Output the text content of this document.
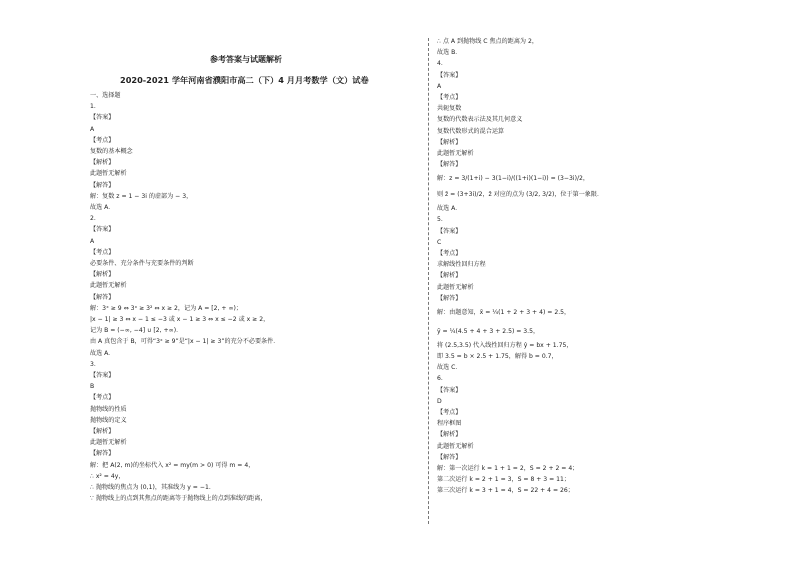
参考答案与试题解析
2020-2021 学年河南省濮阳市高二（下）4 月月考数学（文）试卷
一、选择题
1.
【答案】
A
【考点】
复数的基本概念
【解析】
此题暂无解析
【解答】
解：复数 z = 1 − 3i 的虚部为 − 3，
故选 A．
2.
【答案】
A
【考点】
必要条件、充分条件与充要条件的判断
【解析】
此题暂无解析
【解答】
解：3ˣ ≥ 9 ⇔ 3ˣ ≥ 3² ⇔ x ≥ 2，记为 A = [2, + ∞)；
|x − 1| ≥ 3 ⇔ x − 1 ≤ −3 或 x − 1 ≥ 3 ⇔ x ≤ −2 或 x ≥ 2，
记为 B = (−∞, −4] ∪ [2, +∞)．
由 A 真包含于 B，可得“3ˣ ≥ 9”是“|x − 1| ≥ 3”的充分不必要条件．
故选 A.
3.
【答案】
B
【考点】
抛物线的性质
抛物线的定义
【解析】
此题暂无解析
【解答】
解：把 A(2, m)的坐标代入 x² = my(m > 0) 可得 m = 4，
∴ x² = 4y，
∴ 抛物线的焦点为 (0,1)，其准线为 y = −1.
∵ 抛物线上的点到其焦点的距离等于抛物线上的点到准线的距离，
∴ 点 A 到抛物线 C 焦点的距离为 2，
故选 B．
4.
【答案】
A
【考点】
共轭复数
复数的代数表示法及其几何意义
复数代数形式的混合运算
【解析】
此题暂无解析
【解答】
解：z = 3/(1+i) − 3(1−i)/((1+i)(1−i)) = (3−3i)/2，
则 z̄ = (3+3i)/2，z̄ 对应的点为 (3/2, 3/2)，位于第一象限．
故选 A．
5.
【答案】
C
【考点】
求解线性回归方程
【解析】
此题暂无解析
【解答】
解：由题意知，x̄ = ¼(1 + 2 + 3 + 4) = 2.5，
ȳ = ¼(4.5 + 4 + 3 + 2.5) = 3.5，
将 (2.5,3.5) 代入线性回归方程 ŷ = bx + 1.75，
即 3.5 = b × 2.5 + 1.75，解得 b = 0.7，
故选 C．
6.
【答案】
D
【考点】
程序框图
【解析】
此题暂无解析
【解答】
解：第一次运行 k = 1 + 1 = 2，S = 2 + 2 = 4；
第二次运行 k = 2 + 1 = 3，S = 8 + 3 = 11；
第三次运行 k = 3 + 1 = 4，S = 22 + 4 = 26；
